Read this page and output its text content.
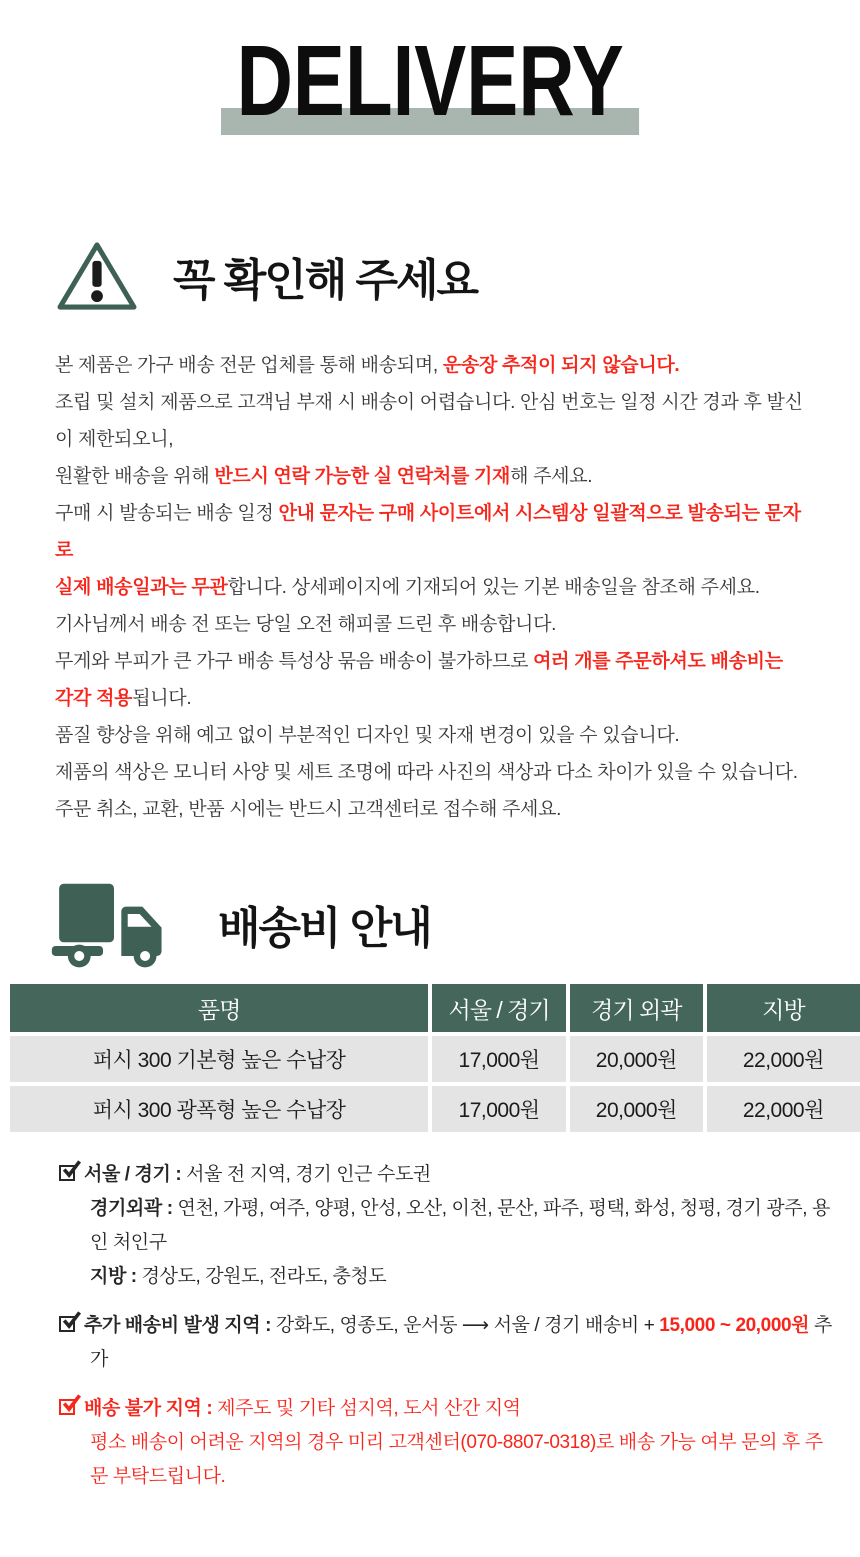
DELIVERY
꼭 확인해 주세요

본 제품은 가구 배송 전문 업체를 통해 배송되며, 운송장 추적이 되지 않습니다.

조립 및 설치 제품으로 고객님 부재 시 배송이 어렵습니다. 안심 번호는 일정 시간 경과 후 발신이 제한되오니,

원활한 배송을 위해 반드시 연락 가능한 실 연락처를 기재해 주세요.

구매 시 발송되는 배송 일정 안내 문자는 구매 사이트에서 시스템상 일괄적으로 발송되는 문자로

실제 배송일과는 무관합니다. 상세페이지에 기재되어 있는 기본 배송일을 참조해 주세요.

기사님께서 배송 전 또는 당일 오전 해피콜 드린 후 배송합니다.

무게와 부피가 큰 가구 배송 특성상 묶음 배송이 불가하므로 여러 개를 주문하셔도 배송비는 각각 적용됩니다.

품질 향상을 위해 예고 없이 부분적인 디자인 및 자재 변경이 있을 수 있습니다.

제품의 색상은 모니터 사양 및 세트 조명에 따라 사진의 색상과 다소 차이가 있을 수 있습니다.

주문 취소, 교환, 반품 시에는 반드시 고객센터로 접수해 주세요.

배송비 안내
품명	서울 / 경기	경기 외곽	지방
퍼시 300 기본형 높은 수납장	17,000원	20,000원	22,000원
퍼시 300 광폭형 높은 수납장	17,000원	20,000원	22,000원

서울 / 경기 : 서울 전 지역, 경기 인근 수도권

경기외곽 : 연천, 가평, 여주, 양평, 안성, 오산, 이천, 문산, 파주, 평택, 화성, 청평, 경기 광주, 용인 처인구

지방 : 경상도, 강원도, 전라도, 충청도

추가 배송비 발생 지역 : 강화도, 영종도, 운서동 ⟶ 서울 / 경기 배송비 + 15,000 ~ 20,000원 추가

배송 불가 지역 : 제주도 및 기타 섬지역, 도서 산간 지역

평소 배송이 어려운 지역의 경우 미리 고객센터(070-8807-0318)로 배송 가능 여부 문의 후 주문 부탁드립니다.
